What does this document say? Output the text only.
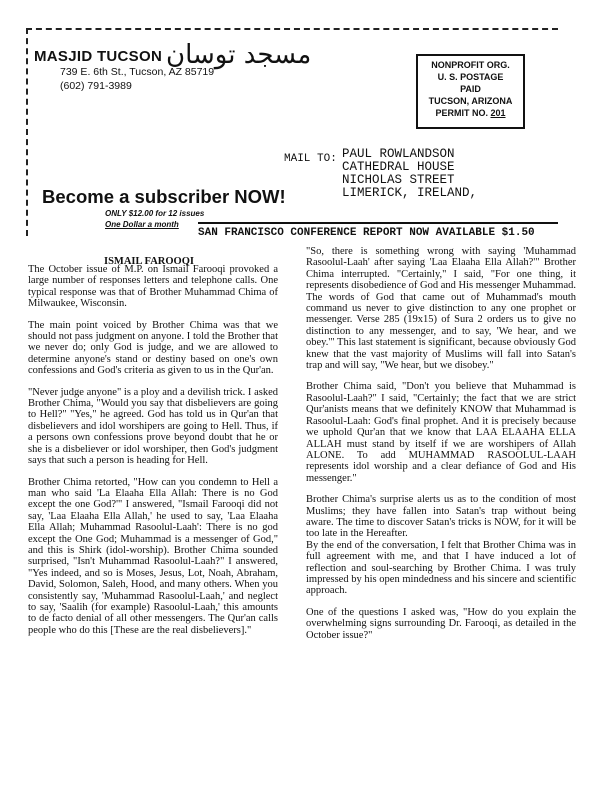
MASJID TUCSON مسجد توسان
739 E. 6th St., Tucson, AZ 85719
(602) 791-3989
NONPROFIT ORG.
U. S. POSTAGE
PAID
TUCSON, ARIZONA
PERMIT NO. 201
MAIL TO: PAUL ROWLANDSON
CATHEDRAL HOUSE
NICHOLAS STREET
LIMERICK, IRELAND,
Become a subscriber NOW!
ONLY $12.00 for 12 issues
One Dollar a month
SAN FRANCISCO CONFERENCE REPORT NOW AVAILABLE $1.50
ISMAIL FAROOQI

The October issue of M.P. on Ismail Farooqi provoked a large number of responses letters and telephone calls. One typical response was that of Brother Muhammad Chima of Milwaukee, Wisconsin.

The main point voiced by Brother Chima was that we should not pass judgment on anyone. I told the Brother that we never do; only God is judge, and we are allowed to determine anyone's stand or destiny based on one's own confessions and God's criteria as given to us in the Qur'an.

"Never judge anyone" is a ploy and a devilish trick. I asked Brother Chima, "Would you say that disbelievers are going to Hell?" "Yes," he agreed. God has told us in Qur'an that disbelievers and idol worshipers are going to Hell. Thus, if a persons own confessions prove beyond doubt that he or she is a disbeliever or idol worshiper, then God's judgment says that such a person is heading for Hell.

Brother Chima retorted, "How can you condemn to Hell a man who said 'La Elaaha Ella Allah: There is no God except the one God?'" I answered, "Ismail Farooqi did not say, 'Laa Elaaha Ella Allah,' he used to say, 'Laa Elaaha Ella Allah; Muhammad Rasoolul-Laah': There is no god except the One God; Muhammad is a messenger of God," and this is Shirk (idol-worship). Brother Chima sounded surprised, "Isn't Muhammad Rasoolul-Laah?" I answered, "Yes indeed, and so is Moses, Jesus, Lot, Noah, Abraham, David, Solomon, Saleh, Hood, and many others. When you consistently say, 'Muhammad Rasoolul-Laah,' and neglect to say, 'Saalih (for example) Rasoolul-Laah,' this amounts to de facto denial of all other messengers. The Qur'an calls people who do this [These are the real disbelievers]."

"So, there is something wrong with saying 'Muhammad Rasoolul-Laah' after saying 'Laa Elaaha Ella Allah?'" Brother Chima interrupted. "Certainly," I said, "For one thing, it represents disobedience of God and His messenger Muhammad. The words of God that came out of Muhammad's mouth command us never to give distinction to any one prophet or messenger. Verse 285 (19x15) of Sura 2 orders us to give no distinction to any messenger, and to say, 'We hear, and we obey.'" This last statement is significant, because obviously God knew that the vast majority of Muslims will fall into Satan's trap and will say, "We hear, but we disobey."

Brother Chima said, "Don't you believe that Muhammad is Rasoolul-Laah?" I said, "Certainly; the fact that we are strict Qur'anists means that we definitely KNOW that Muhammad is Rasoolul-Laah: God's final prophet. And it is precisely because we uphold Qur'an that we know that LAA ELAAHA ELLA ALLAH must stand by itself if we are worshipers of Allah ALONE. To add MUHAMMAD RASOOLUL-LAAH represents idol worship and a clear defiance of God and His messenger."

Brother Chima's surprise alerts us as to the condition of most Muslims; they have fallen into Satan's trap without being aware. The time to discover Satan's tricks is NOW, for it will be too late in the Hereafter.

By the end of the conversation, I felt that Brother Chima was in full agreement with me, and that I have induced a lot of reflection and soul-searching by Brother Chima. I was truly impressed by his open mindedness and his sincere and scientific approach.

One of the questions I asked was, "How do you explain the overwhelming signs surrounding Dr. Farooqi, as detailed in the October issue?"
